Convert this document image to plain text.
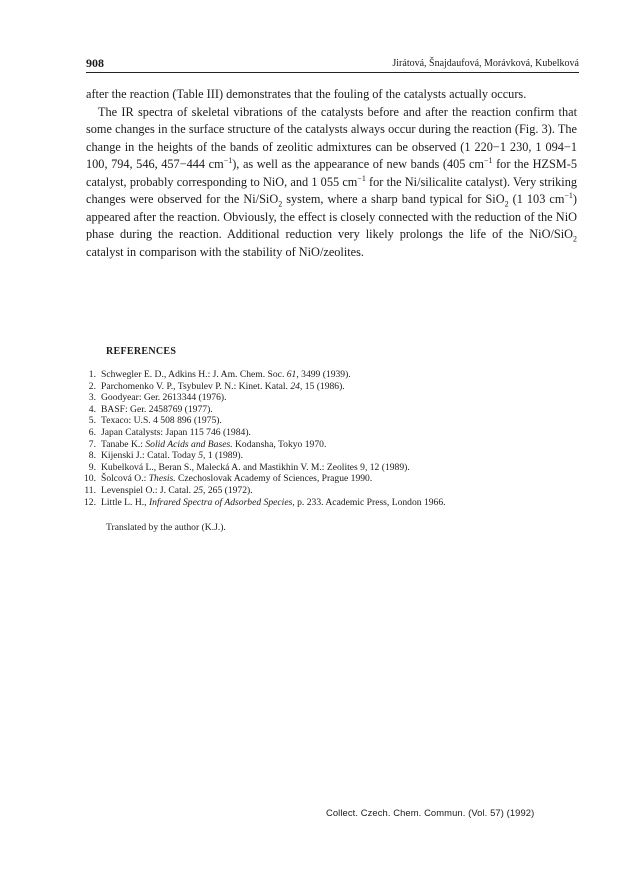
908	Jirátová, Šnajdaufová, Morávková, Kubelková

after the reaction (Table III) demonstrates that the fouling of the catalysts actually occurs.

The IR spectra of skeletal vibrations of the catalysts before and after the reaction confirm that some changes in the surface structure of the catalysts always occur during the reaction (Fig. 3). The change in the heights of the bands of zeolitic admixtures can be observed (1 220−1 230, 1 094−1 100, 794, 546, 457−444 $cm^{-1}$), as well as the appearance of new bands (405 $cm^{-1}$ for the HZSM-5 catalyst, probably corresponding to NiO, and 1 055 $cm^{-1}$ for the Ni/silicalite catalyst). Very striking changes were observed for the Ni/SiO$_2$ system, where a sharp band typical for SiO$_2$ (1 103 $cm^{-1}$) appeared after the reaction. Obviously, the effect is closely connected with the reduction of the NiO phase during the reaction. Additional reduction very likely prolongs the life of the NiO/SiO$_2$ catalyst in comparison with the stability of NiO/zeolites.

REFERENCES
1. Schwegler E. D., Adkins H.: J. Am. Chem. Soc. 61, 3499 (1939).
2. Parchomenko V. P., Tsybulev P. N.: Kinet. Katal. 24, 15 (1986).
3. Goodyear: Ger. 2613344 (1976).
4. BASF: Ger. 2458769 (1977).
5. Texaco: U.S. 4 508 896 (1975).
6. Japan Catalysts: Japan 115 746 (1984).
7. Tanabe K.: Solid Acids and Bases. Kodansha, Tokyo 1970.
8. Kijenski J.: Catal. Today 5, 1 (1989).
9. Kubelková L., Beran S., Malecká A. and Mastikhin V. M.: Zeolites 9, 12 (1989).
10. Šolcová O.: Thesis. Czechoslovak Academy of Sciences, Prague 1990.
11. Levenspiel O.: J. Catal. 25, 265 (1972).
12. Little L. H., Infrared Spectra of Adsorbed Species, p. 233. Academic Press, London 1966.
Translated by the author (K.J.).
Collect. Czech. Chem. Commun. (Vol. 57) (1992)
